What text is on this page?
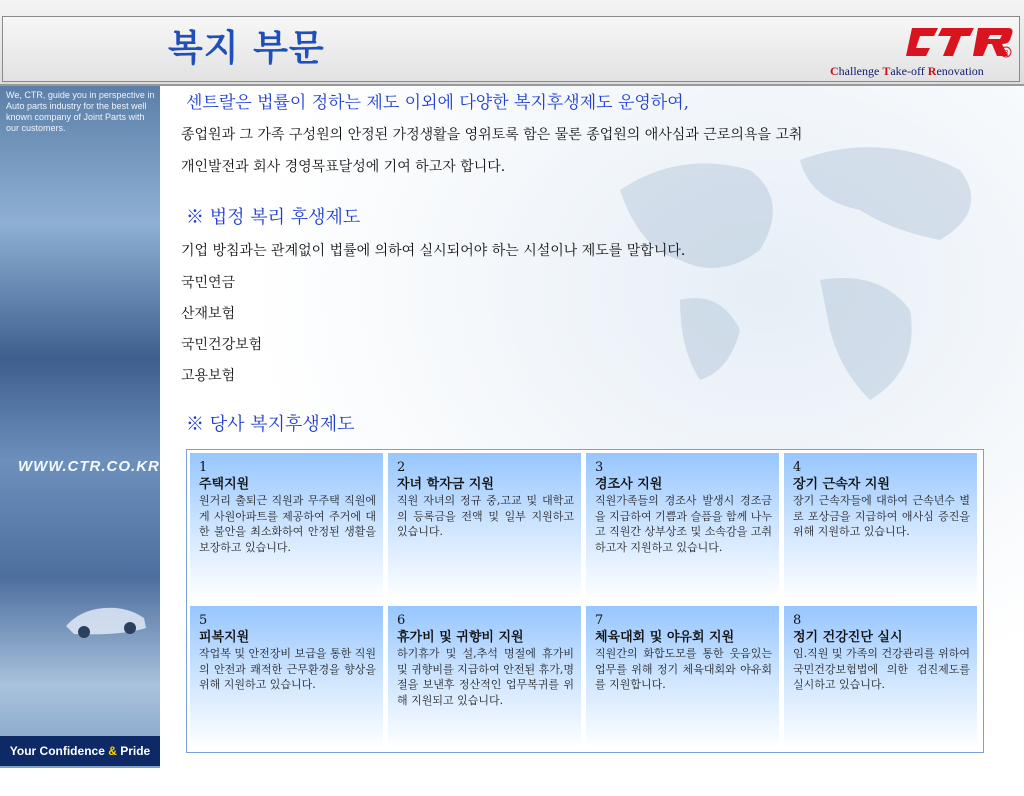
복지 부문	R
Challenge Take-off Renovation
We, CTR, guide you in perspective in Auto parts industry for the best well known company of Joint Parts with our customers.
WWW.CTR.CO.KR
Your Confidence & Pride with
센트랄은 법률이 정하는 제도 이외에 다양한 복지후생제도 운영하여,
종업원과 그 가족 구성원의 안정된 가정생활을 영위토록 함은 물론 종업원의 애사심과 근로의욕을 고취
개인발전과 회사 경영목표달성에 기여 하고자 합니다.
※ 법정 복리 후생제도
기업 방침과는 관계없이 법률에 의하여 실시되어야 하는 시설이나 제도를 말합니다.
국민연금
산재보험
국민건강보험
고용보험
※ 당사 복지후생제도
1
주택지원
원거리 출퇴근 직원과 무주택 직원에게 사원아파트를 제공하여 주거에 대한 불안을 최소화하여 안정된 생활을 보장하고 있습니다.
2
자녀 학자금 지원
직원 자녀의 정규 중,고교 및 대학교의 등록금을 전액 및 일부 지원하고 있습니다.
3
경조사 지원
직원가족들의 경조사 발생시 경조금을 지급하여 기쁨과 슬픔을 함께 나누고 직원간 상부상조 및 소속감을 고취하고자 지원하고 있습니다.
4
장기 근속자 지원
장기 근속자들에 대하여 근속년수 별로 포상금을 지급하여 애사심 증진을 위해 지원하고 있습니다.
5
피복지원
작업복 및 안전장비 보급을 통한 직원의 안전과 쾌적한 근무환경을 향상을 위해 지원하고 있습니다.
6
휴가비 및 귀향비 지원
하기휴가 및 설,추석 명절에 휴가비 및 귀향비를 지급하여 안전된 휴가,명절을 보낸후 정산적인 업무복귀를 위해 지원되고 있습니다.
7
체육대회 및 야유회 지원
직원간의 화합도모를 통한 웃음있는 업무를 위해 정기 체육대회와 야유회를 지원합니다.
8
정기 건강진단 실시
임.직원 및 가족의 건강관리를 위하여 국민건강보험법에 의한 검진제도를 실시하고 있습니다.
